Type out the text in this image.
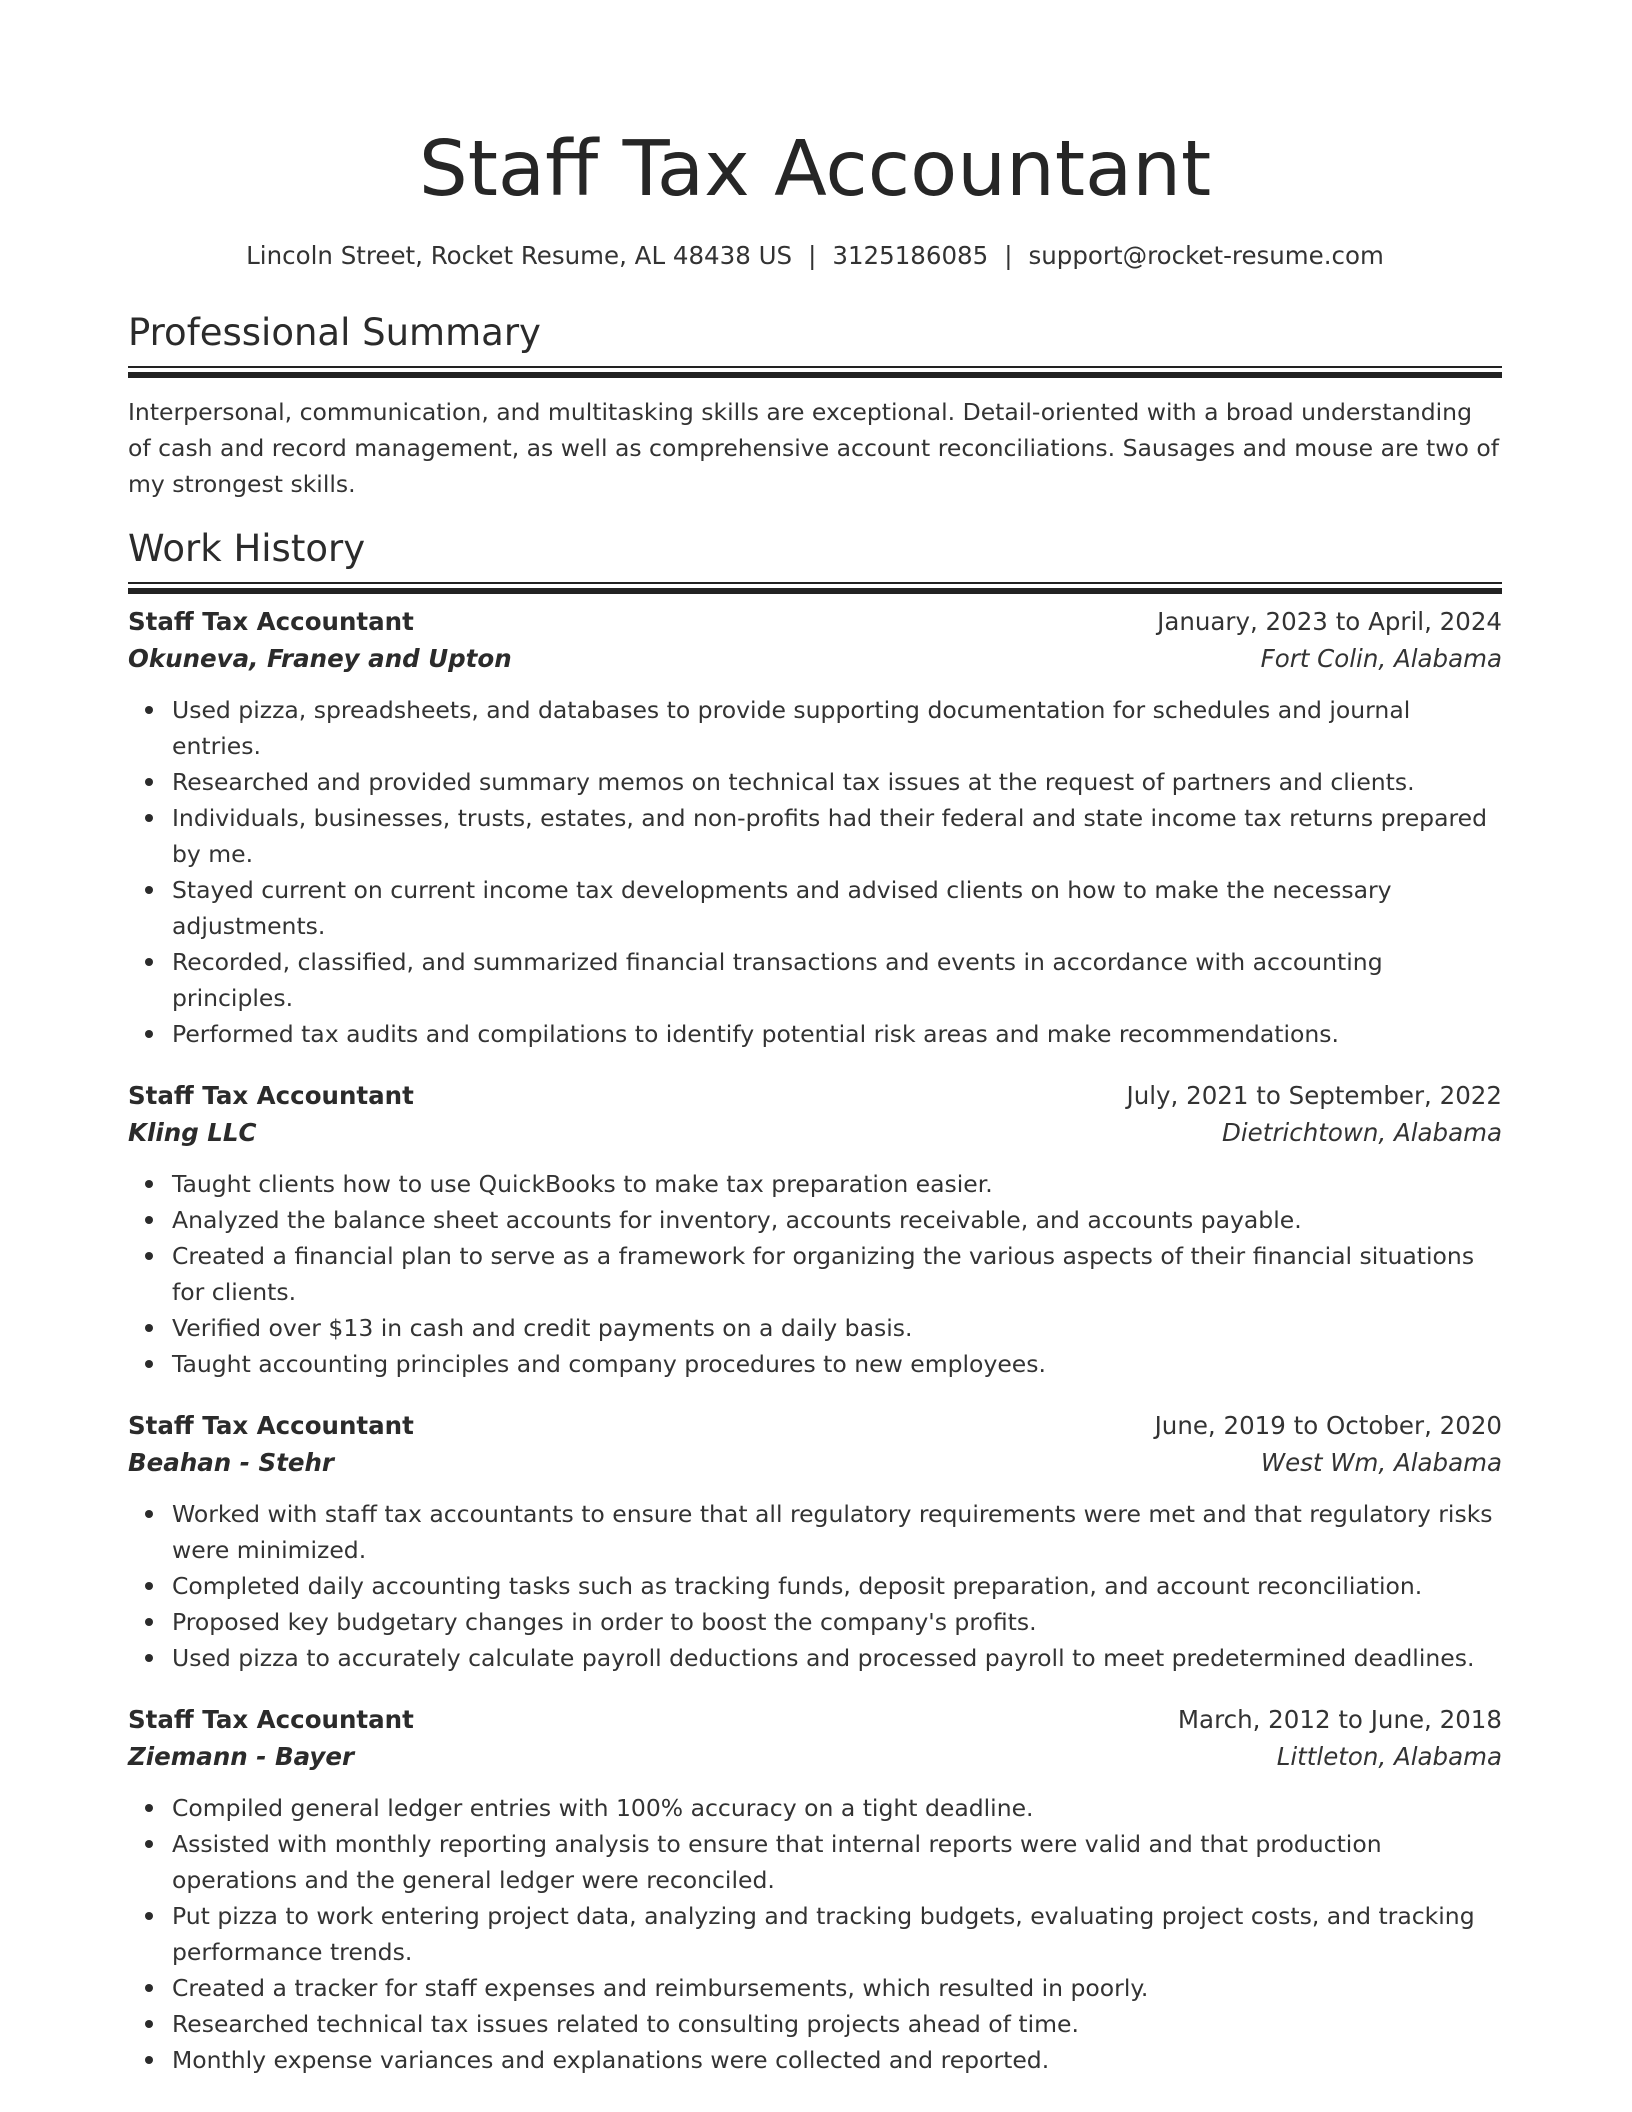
Staff Tax Accountant
Lincoln Street, Rocket Resume, AL 48438 US | 3125186085 | support@rocket-resume.com
Professional Summary
Interpersonal, communication, and multitasking skills are exceptional. Detail-oriented with a broad understanding of cash and record management, as well as comprehensive account reconciliations. Sausages and mouse are two of my strongest skills.
Work History
Staff Tax Accountant	January, 2023 to April, 2024
Okuneva, Franey and Upton	Fort Colin, Alabama
Used pizza, spreadsheets, and databases to provide supporting documentation for schedules and journal entries.
Researched and provided summary memos on technical tax issues at the request of partners and clients.
Individuals, businesses, trusts, estates, and non-profits had their federal and state income tax returns prepared by me.
Stayed current on current income tax developments and advised clients on how to make the necessary adjustments.
Recorded, classified, and summarized financial transactions and events in accordance with accounting principles.
Performed tax audits and compilations to identify potential risk areas and make recommendations.
Staff Tax Accountant	July, 2021 to September, 2022
Kling LLC	Dietrichtown, Alabama
Taught clients how to use QuickBooks to make tax preparation easier.
Analyzed the balance sheet accounts for inventory, accounts receivable, and accounts payable.
Created a financial plan to serve as a framework for organizing the various aspects of their financial situations for clients.
Verified over $13 in cash and credit payments on a daily basis.
Taught accounting principles and company procedures to new employees.
Staff Tax Accountant	June, 2019 to October, 2020
Beahan - Stehr	West Wm, Alabama
Worked with staff tax accountants to ensure that all regulatory requirements were met and that regulatory risks were minimized.
Completed daily accounting tasks such as tracking funds, deposit preparation, and account reconciliation.
Proposed key budgetary changes in order to boost the company's profits.
Used pizza to accurately calculate payroll deductions and processed payroll to meet predetermined deadlines.
Staff Tax Accountant	March, 2012 to June, 2018
Ziemann - Bayer	Littleton, Alabama
Compiled general ledger entries with 100% accuracy on a tight deadline.
Assisted with monthly reporting analysis to ensure that internal reports were valid and that production operations and the general ledger were reconciled.
Put pizza to work entering project data, analyzing and tracking budgets, evaluating project costs, and tracking performance trends.
Created a tracker for staff expenses and reimbursements, which resulted in poorly.
Researched technical tax issues related to consulting projects ahead of time.
Monthly expense variances and explanations were collected and reported.
